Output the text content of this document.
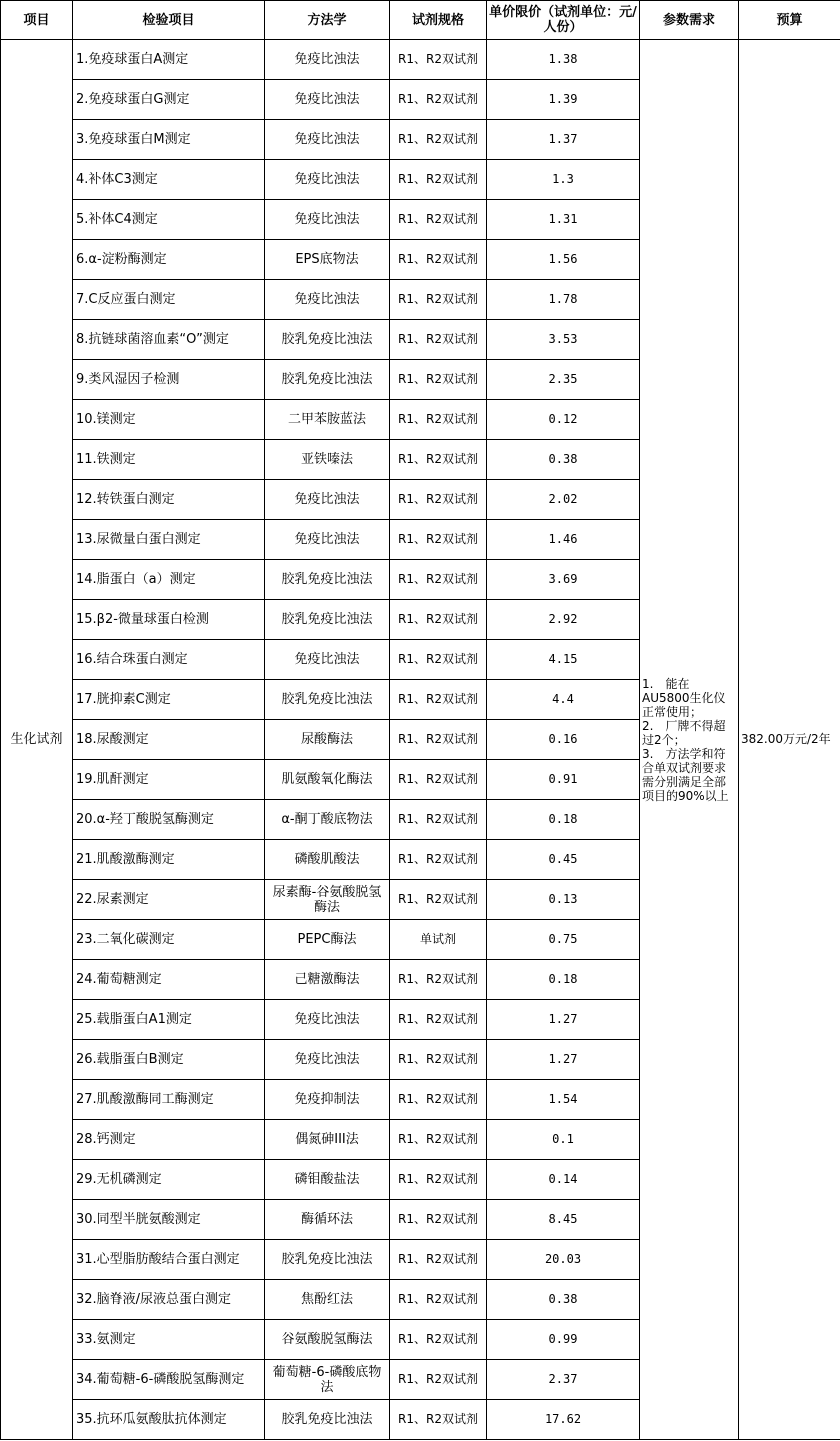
项目	检验项目	方法学	试剂规格	单价限价（试剂单位：元/人份）	参数需求	预算
生化试剂	1.免疫球蛋白A测定	免疫比浊法	R1、R2双试剂	1.38	1.　能在AU5800生化仪正常使用；
2.　厂牌不得超过2个；
3.　方法学和符合单双试剂要求需分别满足全部项目的90%以上	382.00万元/2年
	2.免疫球蛋白G测定	免疫比浊法	R1、R2双试剂	1.39		
	3.免疫球蛋白M测定	免疫比浊法	R1、R2双试剂	1.37		
	4.补体C3测定	免疫比浊法	R1、R2双试剂	1.3		
	5.补体C4测定	免疫比浊法	R1、R2双试剂	1.31		
	6.α-淀粉酶测定	EPS底物法	R1、R2双试剂	1.56		
	7.C反应蛋白测定	免疫比浊法	R1、R2双试剂	1.78		
	8.抗链球菌溶血素“O”测定	胶乳免疫比浊法	R1、R2双试剂	3.53		
	9.类风湿因子检测	胶乳免疫比浊法	R1、R2双试剂	2.35		
	10.镁测定	二甲苯胺蓝法	R1、R2双试剂	0.12		
	11.铁测定	亚铁嗪法	R1、R2双试剂	0.38		
	12.转铁蛋白测定	免疫比浊法	R1、R2双试剂	2.02		
	13.尿微量白蛋白测定	免疫比浊法	R1、R2双试剂	1.46		
	14.脂蛋白（a）测定	胶乳免疫比浊法	R1、R2双试剂	3.69		
	15.β2-微量球蛋白检测	胶乳免疫比浊法	R1、R2双试剂	2.92		
	16.结合珠蛋白测定	免疫比浊法	R1、R2双试剂	4.15		
	17.胱抑素C测定	胶乳免疫比浊法	R1、R2双试剂	4.4		
	18.尿酸测定	尿酸酶法	R1、R2双试剂	0.16		
	19.肌酐测定	肌氨酸氧化酶法	R1、R2双试剂	0.91		
	20.α-羟丁酸脱氢酶测定	α-酮丁酸底物法	R1、R2双试剂	0.18		
	21.肌酸激酶测定	磷酸肌酸法	R1、R2双试剂	0.45		
	22.尿素测定	尿素酶-谷氨酸脱氢酶法	R1、R2双试剂	0.13		
	23.二氧化碳测定	PEPC酶法	单试剂	0.75		
	24.葡萄糖测定	己糖激酶法	R1、R2双试剂	0.18		
	25.载脂蛋白A1测定	免疫比浊法	R1、R2双试剂	1.27		
	26.载脂蛋白B测定	免疫比浊法	R1、R2双试剂	1.27		
	27.肌酸激酶同工酶测定	免疫抑制法	R1、R2双试剂	1.54		
	28.钙测定	偶氮砷III法	R1、R2双试剂	0.1		
	29.无机磷测定	磷钼酸盐法	R1、R2双试剂	0.14		
	30.同型半胱氨酸测定	酶循环法	R1、R2双试剂	8.45		
	31.心型脂肪酸结合蛋白测定	胶乳免疫比浊法	R1、R2双试剂	20.03		
	32.脑脊液/尿液总蛋白测定	焦酚红法	R1、R2双试剂	0.38		
	33.氨测定	谷氨酸脱氢酶法	R1、R2双试剂	0.99		
	34.葡萄糖-6-磷酸脱氢酶测定	葡萄糖-6-磷酸底物法	R1、R2双试剂	2.37		
	35.抗环瓜氨酸肽抗体测定	胶乳免疫比浊法	R1、R2双试剂	17.62		
